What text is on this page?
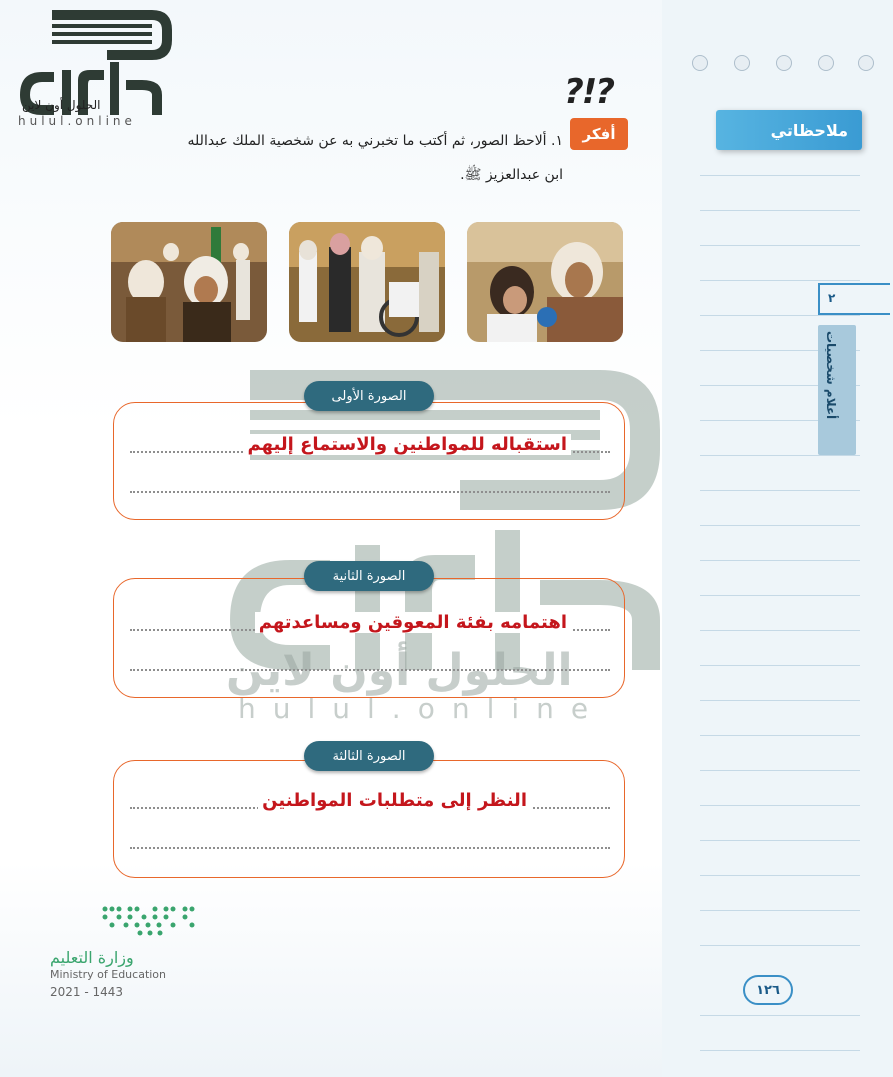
ملاحظاتي
٢
أعلام شخصيات
١٢٦
الحلول أون لاين
hulul.online
?!?
أفكر
١. ألاحظ الصور، ثم أكتب ما تخبرني به عن شخصية الملك عبدالله
ابن عبدالعزيز ﷺ.
الحلول أون لاين
hulul.online
الصورة الأولى
استقباله للمواطنين والاستماع إليهم
الصورة الثانية
اهتمامه بفئة المعوقين ومساعدتهم
الصورة الثالثة
النظر إلى متطلبات المواطنين
وزارة التعليم
Ministry of Education
2021 - 1443
